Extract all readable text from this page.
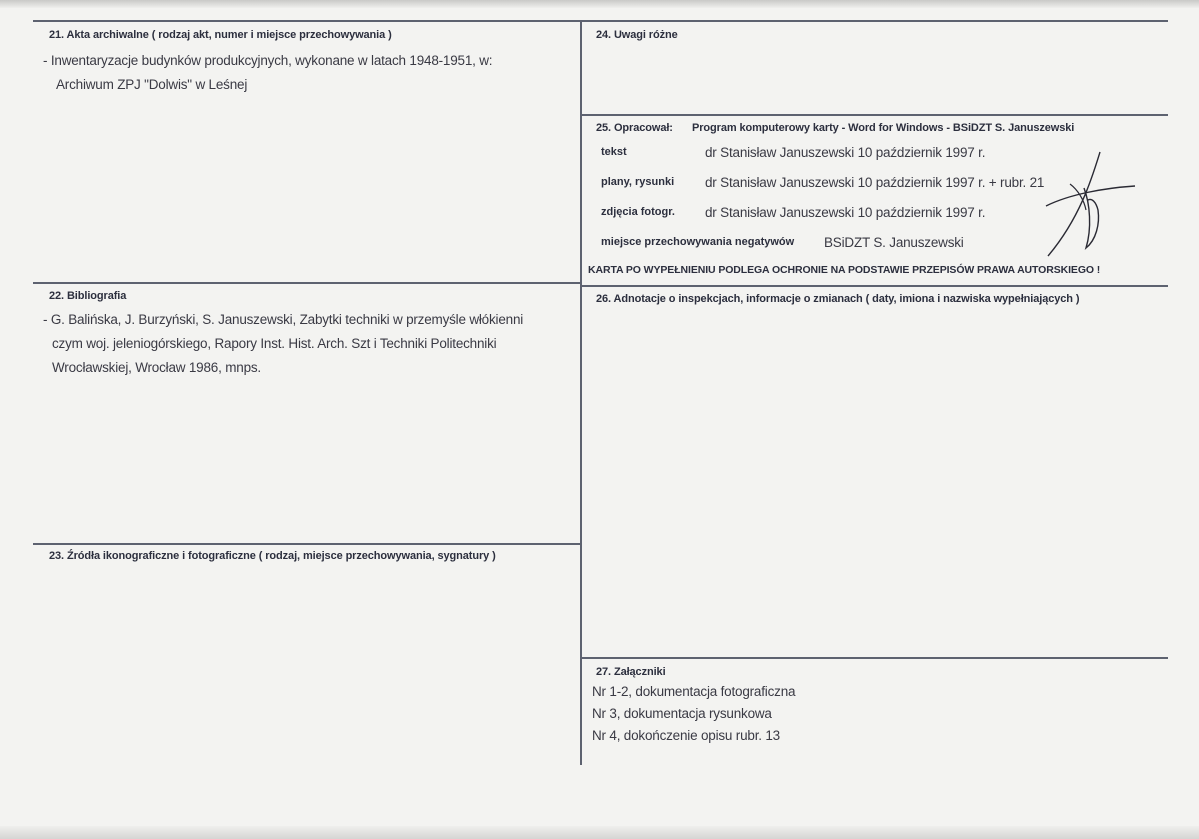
21. Akta archiwalne ( rodzaj akt, numer i miejsce przechowywania )
- Inwentaryzacje budynków produkcyjnych, wykonane w latach 1948-1951, w:
Archiwum ZPJ "Dolwis" w Leśnej
22. Bibliografia
- G. Balińska, J. Burzyński, S. Januszewski, Zabytki techniki w przemyśle włókienni
czym woj. jeleniogórskiego, Rapory Inst. Hist. Arch. Szt i Techniki Politechniki
Wrocławskiej, Wrocław 1986, mnps.
23. Źródła ikonograficzne i fotograficzne ( rodzaj, miejsce przechowywania, sygnatury )
24. Uwagi różne
25. Opracował: Program komputerowy karty - Word for Windows - BSiDZT S. Januszewski
tekst	dr Stanisław Januszewski 10 październik 1997 r.
plany, rysunki dr Stanisław Januszewski 10 październik 1997 r. + rubr. 21
zdjęcia fotogr. dr Stanisław Januszewski 10 październik 1997 r.
miejsce przechowywania negatywów BSiDZT S. Januszewski
KARTA PO WYPEŁNIENIU PODLEGA OCHRONIE NA PODSTAWIE PRZEPISÓW PRAWA AUTORSKIEGO !
26. Adnotacje o inspekcjach, informacje o zmianach ( daty, imiona i nazwiska wypełniających )
27. Załączniki
Nr 1-2, dokumentacja fotograficzna
Nr 3, dokumentacja rysunkowa
Nr 4, dokończenie opisu rubr. 13
